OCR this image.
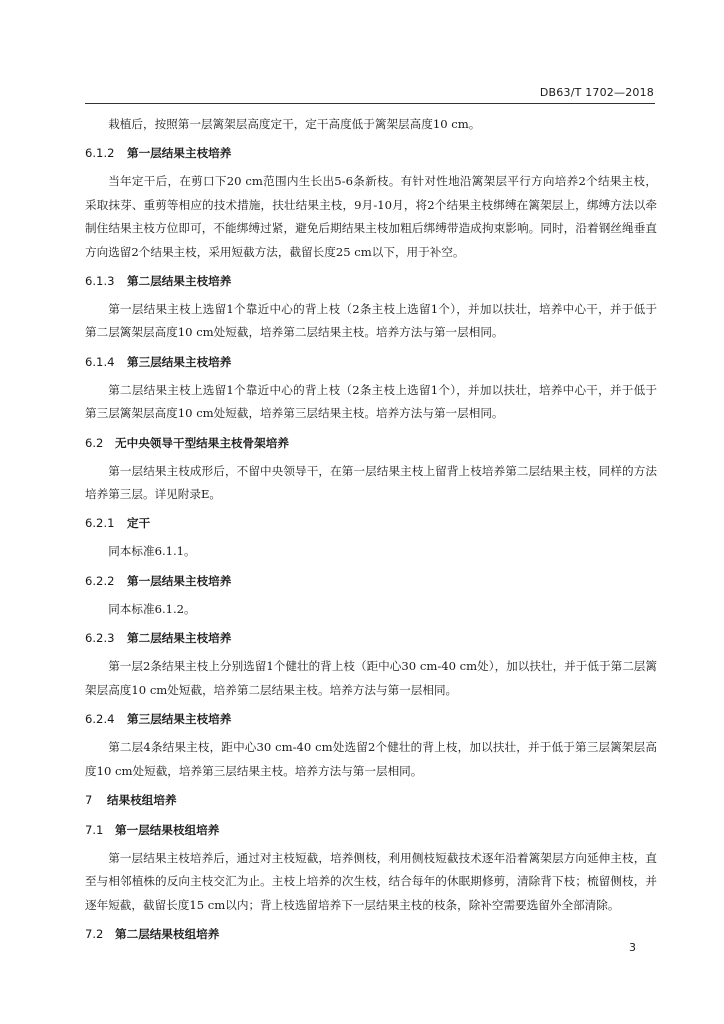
DB63/T 1702—2018

栽植后，按照第一层篱架层高度定干，定干高度低于篱架层高度10 cm。

6.1.2 第一层结果主枝培养

当年定干后，在剪口下20 cm范围内生长出5-6条新枝。有针对性地沿篱架层平行方向培养2个结果主枝，采取抹芽、重剪等相应的技术措施，扶壮结果主枝，9月-10月，将2个结果主枝绑缚在篱架层上，绑缚方法以牵制住结果主枝方位即可，不能绑缚过紧，避免后期结果主枝加粗后绑缚带造成拘束影响。同时，沿着钢丝绳垂直方向选留2个结果主枝，采用短截方法，截留长度25 cm以下，用于补空。

6.1.3 第二层结果主枝培养

第一层结果主枝上选留1个靠近中心的背上枝（2条主枝上选留1个），并加以扶壮，培养中心干，并于低于第二层篱架层高度10 cm处短截，培养第二层结果主枝。培养方法与第一层相同。

6.1.4 第三层结果主枝培养

第二层结果主枝上选留1个靠近中心的背上枝（2条主枝上选留1个），并加以扶壮，培养中心干，并于低于第三层篱架层高度10 cm处短截，培养第三层结果主枝。培养方法与第一层相同。

6.2 无中央领导干型结果主枝骨架培养

第一层结果主枝成形后，不留中央领导干，在第一层结果主枝上留背上枝培养第二层结果主枝，同样的方法培养第三层。详见附录E。

6.2.1 定干

同本标准6.1.1。

6.2.2 第一层结果主枝培养

同本标准6.1.2。

6.2.3 第二层结果主枝培养

第一层2条结果主枝上分别选留1个健壮的背上枝（距中心30 cm-40 cm处），加以扶壮，并于低于第二层篱架层高度10 cm处短截，培养第二层结果主枝。培养方法与第一层相同。

6.2.4 第三层结果主枝培养

第二层4条结果主枝，距中心30 cm-40 cm处选留2个健壮的背上枝，加以扶壮，并于低于第三层篱架层高度10 cm处短截，培养第三层结果主枝。培养方法与第一层相同。

7 结果枝组培养
7.1 第一层结果枝组培养

第一层结果主枝培养后，通过对主枝短截，培养侧枝，利用侧枝短截技术逐年沿着篱架层方向延伸主枝，直至与相邻植株的反向主枝交汇为止。主枝上培养的次生枝，结合每年的休眠期修剪，清除背下枝；梳留侧枝，并逐年短截，截留长度15 cm以内；背上枝选留培养下一层结果主枝的枝条，除补空需要选留外全部清除。

7.2 第二层结果枝组培养
3
